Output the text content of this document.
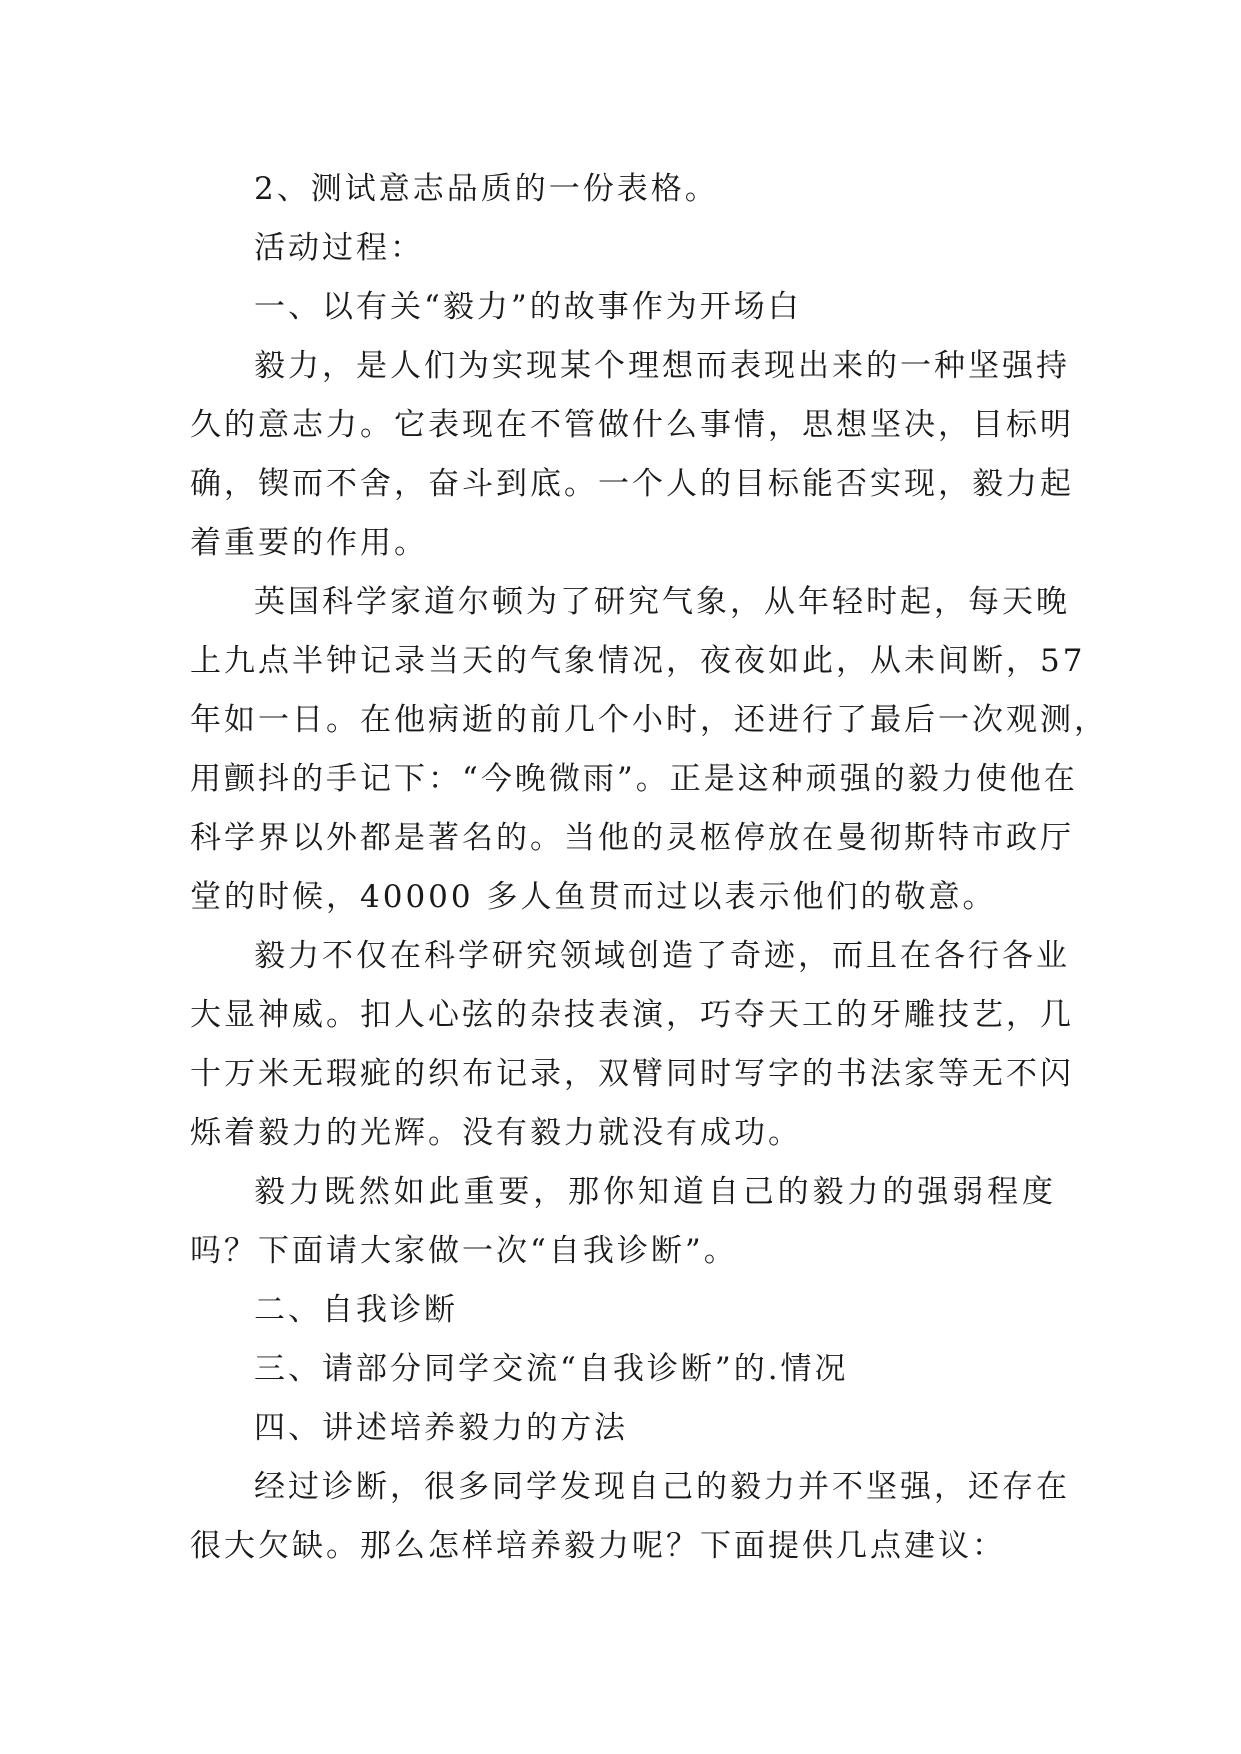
2、测试意志品质的一份表格。
活动过程：
一、以有关“毅力”的故事作为开场白
毅力，是人们为实现某个理想而表现出来的一种坚强持
久的意志力。它表现在不管做什么事情，思想坚决，目标明
确，锲而不舍，奋斗到底。一个人的目标能否实现，毅力起
着重要的作用。
英国科学家道尔顿为了研究气象，从年轻时起，每天晚
上九点半钟记录当天的气象情况，夜夜如此，从未间断，57
年如一日。在他病逝的前几个小时，还进行了最后一次观测，
用颤抖的手记下：“今晚微雨”。正是这种顽强的毅力使他在
科学界以外都是著名的。当他的灵柩停放在曼彻斯特市政厅
堂的时候，40000 多人鱼贯而过以表示他们的敬意。
毅力不仅在科学研究领域创造了奇迹，而且在各行各业
大显神威。扣人心弦的杂技表演，巧夺天工的牙雕技艺，几
十万米无瑕疵的织布记录，双臂同时写字的书法家等无不闪
烁着毅力的光辉。没有毅力就没有成功。
毅力既然如此重要，那你知道自己的毅力的强弱程度
吗？下面请大家做一次“自我诊断”。
二、自我诊断
三、请部分同学交流“自我诊断”的.情况
四、讲述培养毅力的方法
经过诊断，很多同学发现自己的毅力并不坚强，还存在
很大欠缺。那么怎样培养毅力呢？下面提供几点建议：
